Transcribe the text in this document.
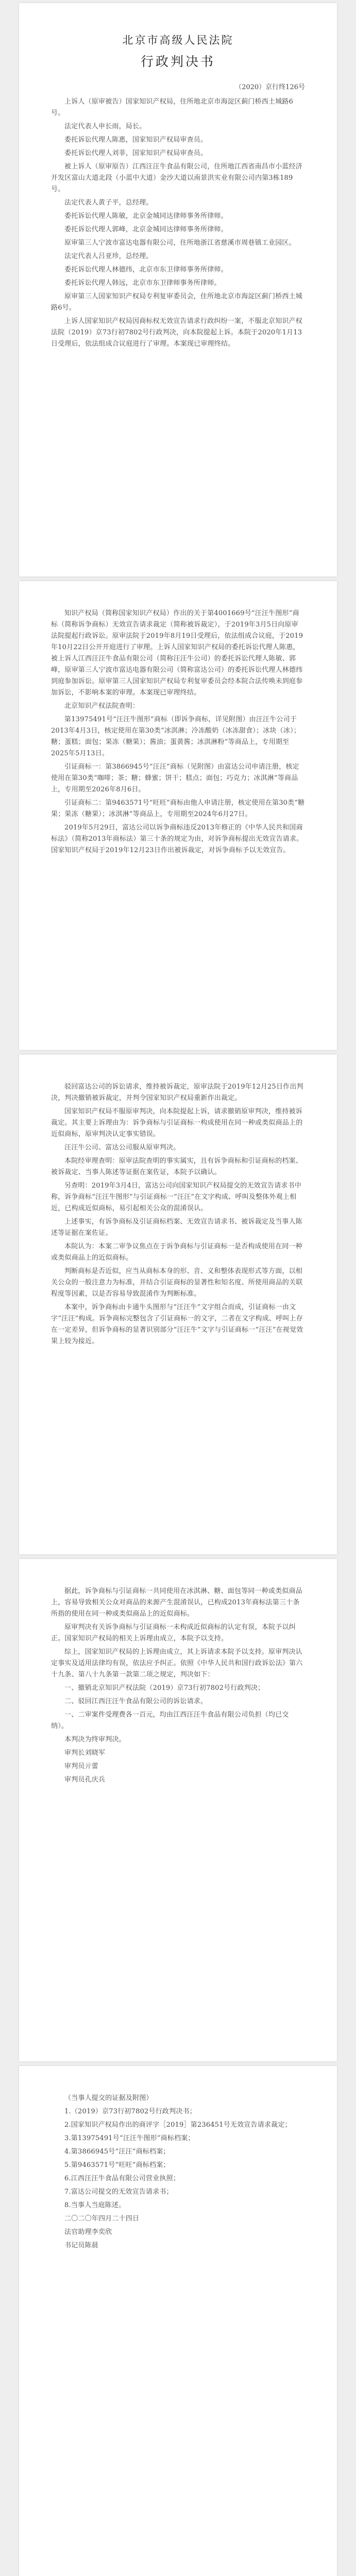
北京市高级人民法院
行政判决书
（2020）京行终126号

上诉人（原审被告）国家知识产权局，住所地北京市海淀区蓟门桥西土城路6号。

法定代表人申长雨，局长。

委托诉讼代理人陈惠，国家知识产权局审查员。

委托诉讼代理人刘菲，国家知识产权局审查员。

被上诉人（原审原告）江西汪汪牛食品有限公司，住所地江西省南昌市小蓝经济开发区富山大道北段（小蓝中大道）金沙大道以南景洪实业有限公司内第3栋189号。

法定代表人黄子平，总经理。

委托诉讼代理人陈敏，北京金城同达律师事务所律师。

委托诉讼代理人郭峰，北京金城同达律师事务所律师。

原审第三人宁波市富达电器有限公司，住所地浙江省慈溪市周巷镇工业园区。

法定代表人吕亚珍，总经理。

委托诉讼代理人林德纬，北京市东卫律师事务所律师。

委托诉讼代理人韩远，北京市东卫律师事务所律师。

原审第三人国家知识产权局专利复审委员会，住所地北京市海淀区蓟门桥西土城路6号。

上诉人国家知识产权局因商标权无效宣告请求行政纠纷一案，不服北京知识产权法院（2019）京73行初7802号行政判决，向本院提起上诉。本院于2020年1月13日受理后，依法组成合议庭进行了审理。本案现已审理终结。

知识产权局（简称国家知识产权局）作出的关于第4001669号“汪汪牛图形”商标（简称诉争商标）无效宣告请求裁定（简称被诉裁定），于2019年3月5日向原审法院提起行政诉讼。原审法院于2019年8月19日受理后，依法组成合议庭，于2019年10月22日公开开庭进行了审理。上诉人国家知识产权局的委托诉讼代理人陈惠，被上诉人江西汪汪牛食品有限公司（简称汪汪牛公司）的委托诉讼代理人陈敏、郭峰，原审第三人宁波市富达电器有限公司（简称富达公司）的委托诉讼代理人林德纬到庭参加诉讼。原审第三人国家知识产权局专利复审委员会经本院合法传唤未到庭参加诉讼，不影响本案的审理。本案现已审理终结。

北京知识产权法院查明：

第13975491号“汪汪牛图形”商标（即诉争商标，详见附图）由汪汪牛公司于2013年4月3日，核定使用在第30类“冰淇淋；冷冻酸奶（冰冻甜食）；冰块（冰）；糖；蛋糕；面包；果冻（糖果）；酱油；蛋黄酱；冰淇淋粉”等商品上，专用期至2025年5月13日。

引证商标一：第3866945号“汪汪”商标（见附图）由富达公司申请注册，核定使用在第30类“咖啡；茶；糖；蜂蜜；饼干；糕点；面包；巧克力；冰淇淋”等商品上，专用期至2026年8月6日。

引证商标二：第9463571号“旺旺”商标由他人申请注册，核定使用在第30类“糖果；果冻（糖果）；冰淇淋”等商品上，专用期至2024年6月27日。

2019年5月29日，富达公司以诉争商标违反2013年修正的《中华人民共和国商标法》（简称2013年商标法）第三十条的规定为由，对诉争商标提出无效宣告请求。国家知识产权局于2019年12月23日作出被诉裁定，对诉争商标予以无效宣告。

驳回富达公司的诉讼请求，维持被诉裁定，原审法院于2019年12月25日作出判决，判决撤销被诉裁定，并判令国家知识产权局重新作出裁定。

国家知识产权局不服原审判决，向本院提起上诉，请求撤销原审判决，维持被诉裁定。其主要上诉理由为：诉争商标与引证商标一构成使用在同一种或类似商品上的近似商标，原审判决认定事实错误。

汪汪牛公司、富达公司服从原审判决。

本院经审理查明：原审法院查明的事实属实，且有诉争商标和引证商标的档案、被诉裁定、当事人陈述等证据在案佐证，本院予以确认。

另查明：2019年3月4日，富达公司向国家知识产权局提交的无效宣告请求书中称，诉争商标“汪汪牛图形”与引证商标一“汪汪”在文字构成、呼叫及整体外观上相近，已构成近似商标，易引起相关公众的混淆误认。

上述事实，有诉争商标及引证商标档案、无效宣告请求书、被诉裁定及当事人陈述等证据在案佐证。

本院认为：本案二审争议焦点在于诉争商标与引证商标一是否构成使用在同一种或类似商品上的近似商标。

判断商标是否近似，应当从商标本身的形、音、义和整体表现形式等方面，以相关公众的一般注意力为标准，并结合引证商标的显著性和知名度、所使用商品的关联程度等因素，以是否容易导致混淆作为判断标准。

本案中，诉争商标由卡通牛头图形与“汪汪牛”文字组合而成，引证商标一由文字“汪汪”构成。诉争商标完整包含了引证商标一的文字，二者在文字构成、呼叫上存在一定差异，但诉争商标的显著识别部分“汪汪牛”文字与引证商标一“汪汪”在视觉效果上较为接近。

据此，诉争商标与引证商标一共同使用在冰淇淋、糖、面包等同一种或类似商品上，容易导致相关公众对商品的来源产生混淆误认，已构成2013年商标法第三十条所指的使用在同一种或类似商品上的近似商标。

原审判决有关诉争商标与引证商标一未构成近似商标的认定有误，本院予以纠正。国家知识产权局的相关上诉理由成立，本院予以支持。

综上，国家知识产权局的上诉理由成立，其上诉请求本院予以支持。原审判决认定事实及适用法律均有误，依法应予纠正。依照《中华人民共和国行政诉讼法》第六十九条、第八十九条第一款第二项之规定，判决如下：

一、撤销北京知识产权法院（2019）京73行初7802号行政判决；

二、驳回江西汪汪牛食品有限公司的诉讼请求。

一、二审案件受理费各一百元，均由江西汪汪牛食品有限公司负担（均已交纳）。

本判决为终审判决。

审判长刘晓军

审判员亓蕾

审判员孔庆兵

（当事人提交的证据及附图）

1.（2019）京73行初7802号行政判决书；

2.国家知识产权局作出的商评字［2019］第236451号无效宣告请求裁定；

3.第13975491号“汪汪牛图形”商标档案；

4.第3866945号“汪汪”商标档案；

5.第9463571号“旺旺”商标档案；

6.江西汪汪牛食品有限公司营业执照；

7.富达公司提交的无效宣告请求书；

8.当事人当庭陈述。

二〇二〇年四月二十四日

法官助理李奕欣

书记员陈晨
